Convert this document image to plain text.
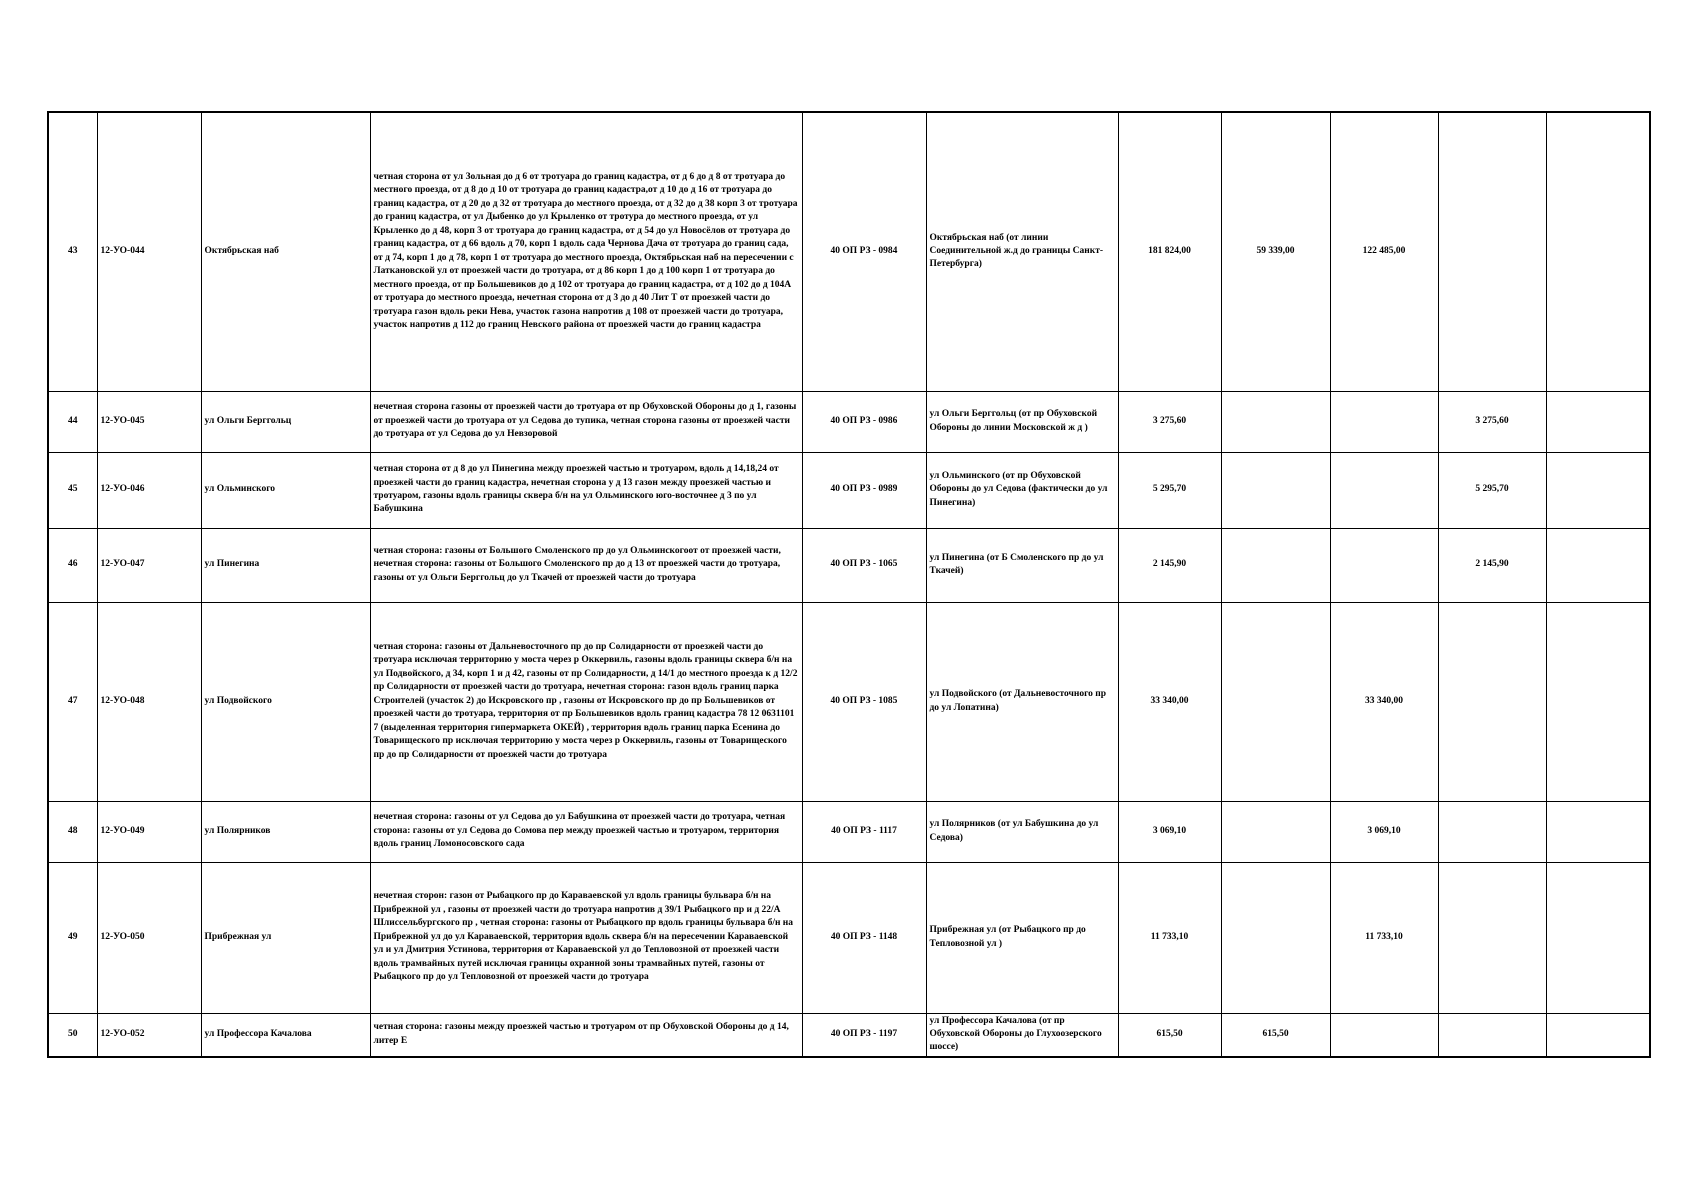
43	12-УО-044	Октябрьская наб	четная сторона от ул Зольная до д 6 от тротуара до границ кадастра, от д 6 до д 8 от тротуара до местного проезда, от д 8 до д 10 от тротуара до границ кадастра,от д 10 до д 16 от тротуара до границ кадастра, от д 20 до д 32 от тротуара до местного проезда, от д 32 до д 38 корп 3 от тротуара до границ кадастра, от ул Дыбенко до ул Крыленко от тротура до местного проезда, от ул Крыленко до д 48, корп 3 от тротуара до границ кадастра, от д 54 до ул Новосёлов от тротуара до границ кадастра, от д 66 вдоль д 70, корп 1 вдоль сада Чернова Дача от тротуара до границ сада, от д 74, корп 1 до д 78, корп 1 от тротуара до местного проезда, Октябрьская наб на пересечении с Латкановской ул от проезжей части до тротуара, от д 86 корп 1 до д 100 корп 1 от тротуара до местного проезда, от пр Большевиков до д 102 от тротуара до границ кадастра, от д 102 до д 104А от тротуара до местного проезда, нечетная сторона от д 3 до д 40 Лит Т от проезжей части до тротуара газон вдоль реки Нева, участок газона напротив д 108 от проезжей части до тротуара, участок напротив д 112 до границ Невского района от проезжей части до границ кадастра	40 ОП РЗ - 0984	Октябрьская наб (от линии Соединительной ж.д до границы Санкт-Петербурга)	181 824,00	59 339,00	122 485,00		
44	12-УО-045	ул Ольги Берггольц	нечетная сторона газоны от проезжей части до тротуара от пр Обуховской Обороны до д 1, газоны от проезжей части до тротуара от ул Седова до тупика, четная сторона газоны от проезжей части до тротуара от ул Седова до ул Невзоровой	40 ОП РЗ - 0986	ул Ольги Берггольц (от пр Обуховской Обороны до линии Московской ж д )	3 275,60			3 275,60	
45	12-УО-046	ул Ольминского	четная сторона от д 8 до ул Пинегина между проезжей частью и тротуаром, вдоль д 14,18,24 от проезжей части до границ кадастра, нечетная сторона у д 13 газон между проезжей частью и тротуаром, газоны вдоль границы сквера б/н на ул Ольминского юго-восточнее д 3 по ул Бабушкина	40 ОП РЗ - 0989	ул Ольминского (от пр Обуховской Обороны до ул Седова (фактически до ул Пинегина)	5 295,70			5 295,70	
46	12-УО-047	ул Пинегина	четная сторона: газоны от Большого Смоленского пр до ул Ольминскогоот от проезжей части, нечетная сторона: газоны от Большого Смоленского пр до д 13 от проезжей части до тротуара, газоны от ул Ольги Берггольц до ул Ткачей от проезжей части до тротуара	40 ОП РЗ - 1065	ул Пинегина (от Б Смоленского пр до ул Ткачей)	2 145,90			2 145,90	
47	12-УО-048	ул Подвойского	четная сторона: газоны от Дальневосточного пр до пр Солидарности от проезжей части до тротуара исключая территорию у моста через р Оккервиль, газоны вдоль границы сквера б/н на ул Подвойского, д 34, корп 1 и д 42, газоны от пр Солидарности, д 14/1 до местного проезда к д 12/2 пр Солидарности от проезжей части до тротуара, нечетная сторона: газон вдоль границ парка Строителей (участок 2) до Искровского пр , газоны от Искровского пр до пр Большевиков от проезжей части до тротуара, территория от пр Большевиков вдоль границ кадастра 78 12 0631101 7 (выделенная территория гипермаркета ОКЕЙ) , территория вдоль границ парка Есенина до Товарищеского пр исключая территорию у моста через р Оккервиль, газоны от Товарищеского пр до пр Солидарности от проезжей части до тротуара	40 ОП РЗ - 1085	ул Подвойского (от Дальневосточного пр до ул Лопатина)	33 340,00		33 340,00		
48	12-УО-049	ул Полярников	нечетная сторона: газоны от ул Седова до ул Бабушкина от проезжей части до тротуара, четная сторона: газоны от ул Седова до Сомова пер между проезжей частью и тротуаром, территория вдоль границ Ломоносовского сада	40 ОП РЗ - 1117	ул Полярников (от ул Бабушкина до ул Седова)	3 069,10		3 069,10		
49	12-УО-050	Прибрежная ул	нечетная сторон: газон от Рыбацкого пр до Караваевской ул вдоль границы бульвара б/н на Прибрежной ул , газоны от проезжей части до тротуара напротив д 39/1 Рыбацкого пр и д 22/А Шлиссельбургского пр , четная сторона: газоны от Рыбацкого пр вдоль границы бульвара б/н на Прибрежной ул до ул Караваевской, территория вдоль сквера б/н на пересечении Караваевской ул и ул Дмитрия Устинова, территория от Караваевской ул до Тепловозной от проезжей части вдоль трамвайных путей исключая границы охранной зоны трамвайных путей, газоны от Рыбацкого пр до ул Тепловозной от проезжей части до тротуара	40 ОП РЗ - 1148	Прибрежная ул (от Рыбацкого пр до Тепловозной ул )	11 733,10		11 733,10		
50	12-УО-052	ул Профессора Качалова	четная сторона: газоны между проезжей частью и тротуаром от пр Обуховской Обороны до д 14, литер Е	40 ОП РЗ - 1197	ул Профессора Качалова (от пр Обуховской Обороны до Глухоозерского шоссе)	615,50	615,50			
